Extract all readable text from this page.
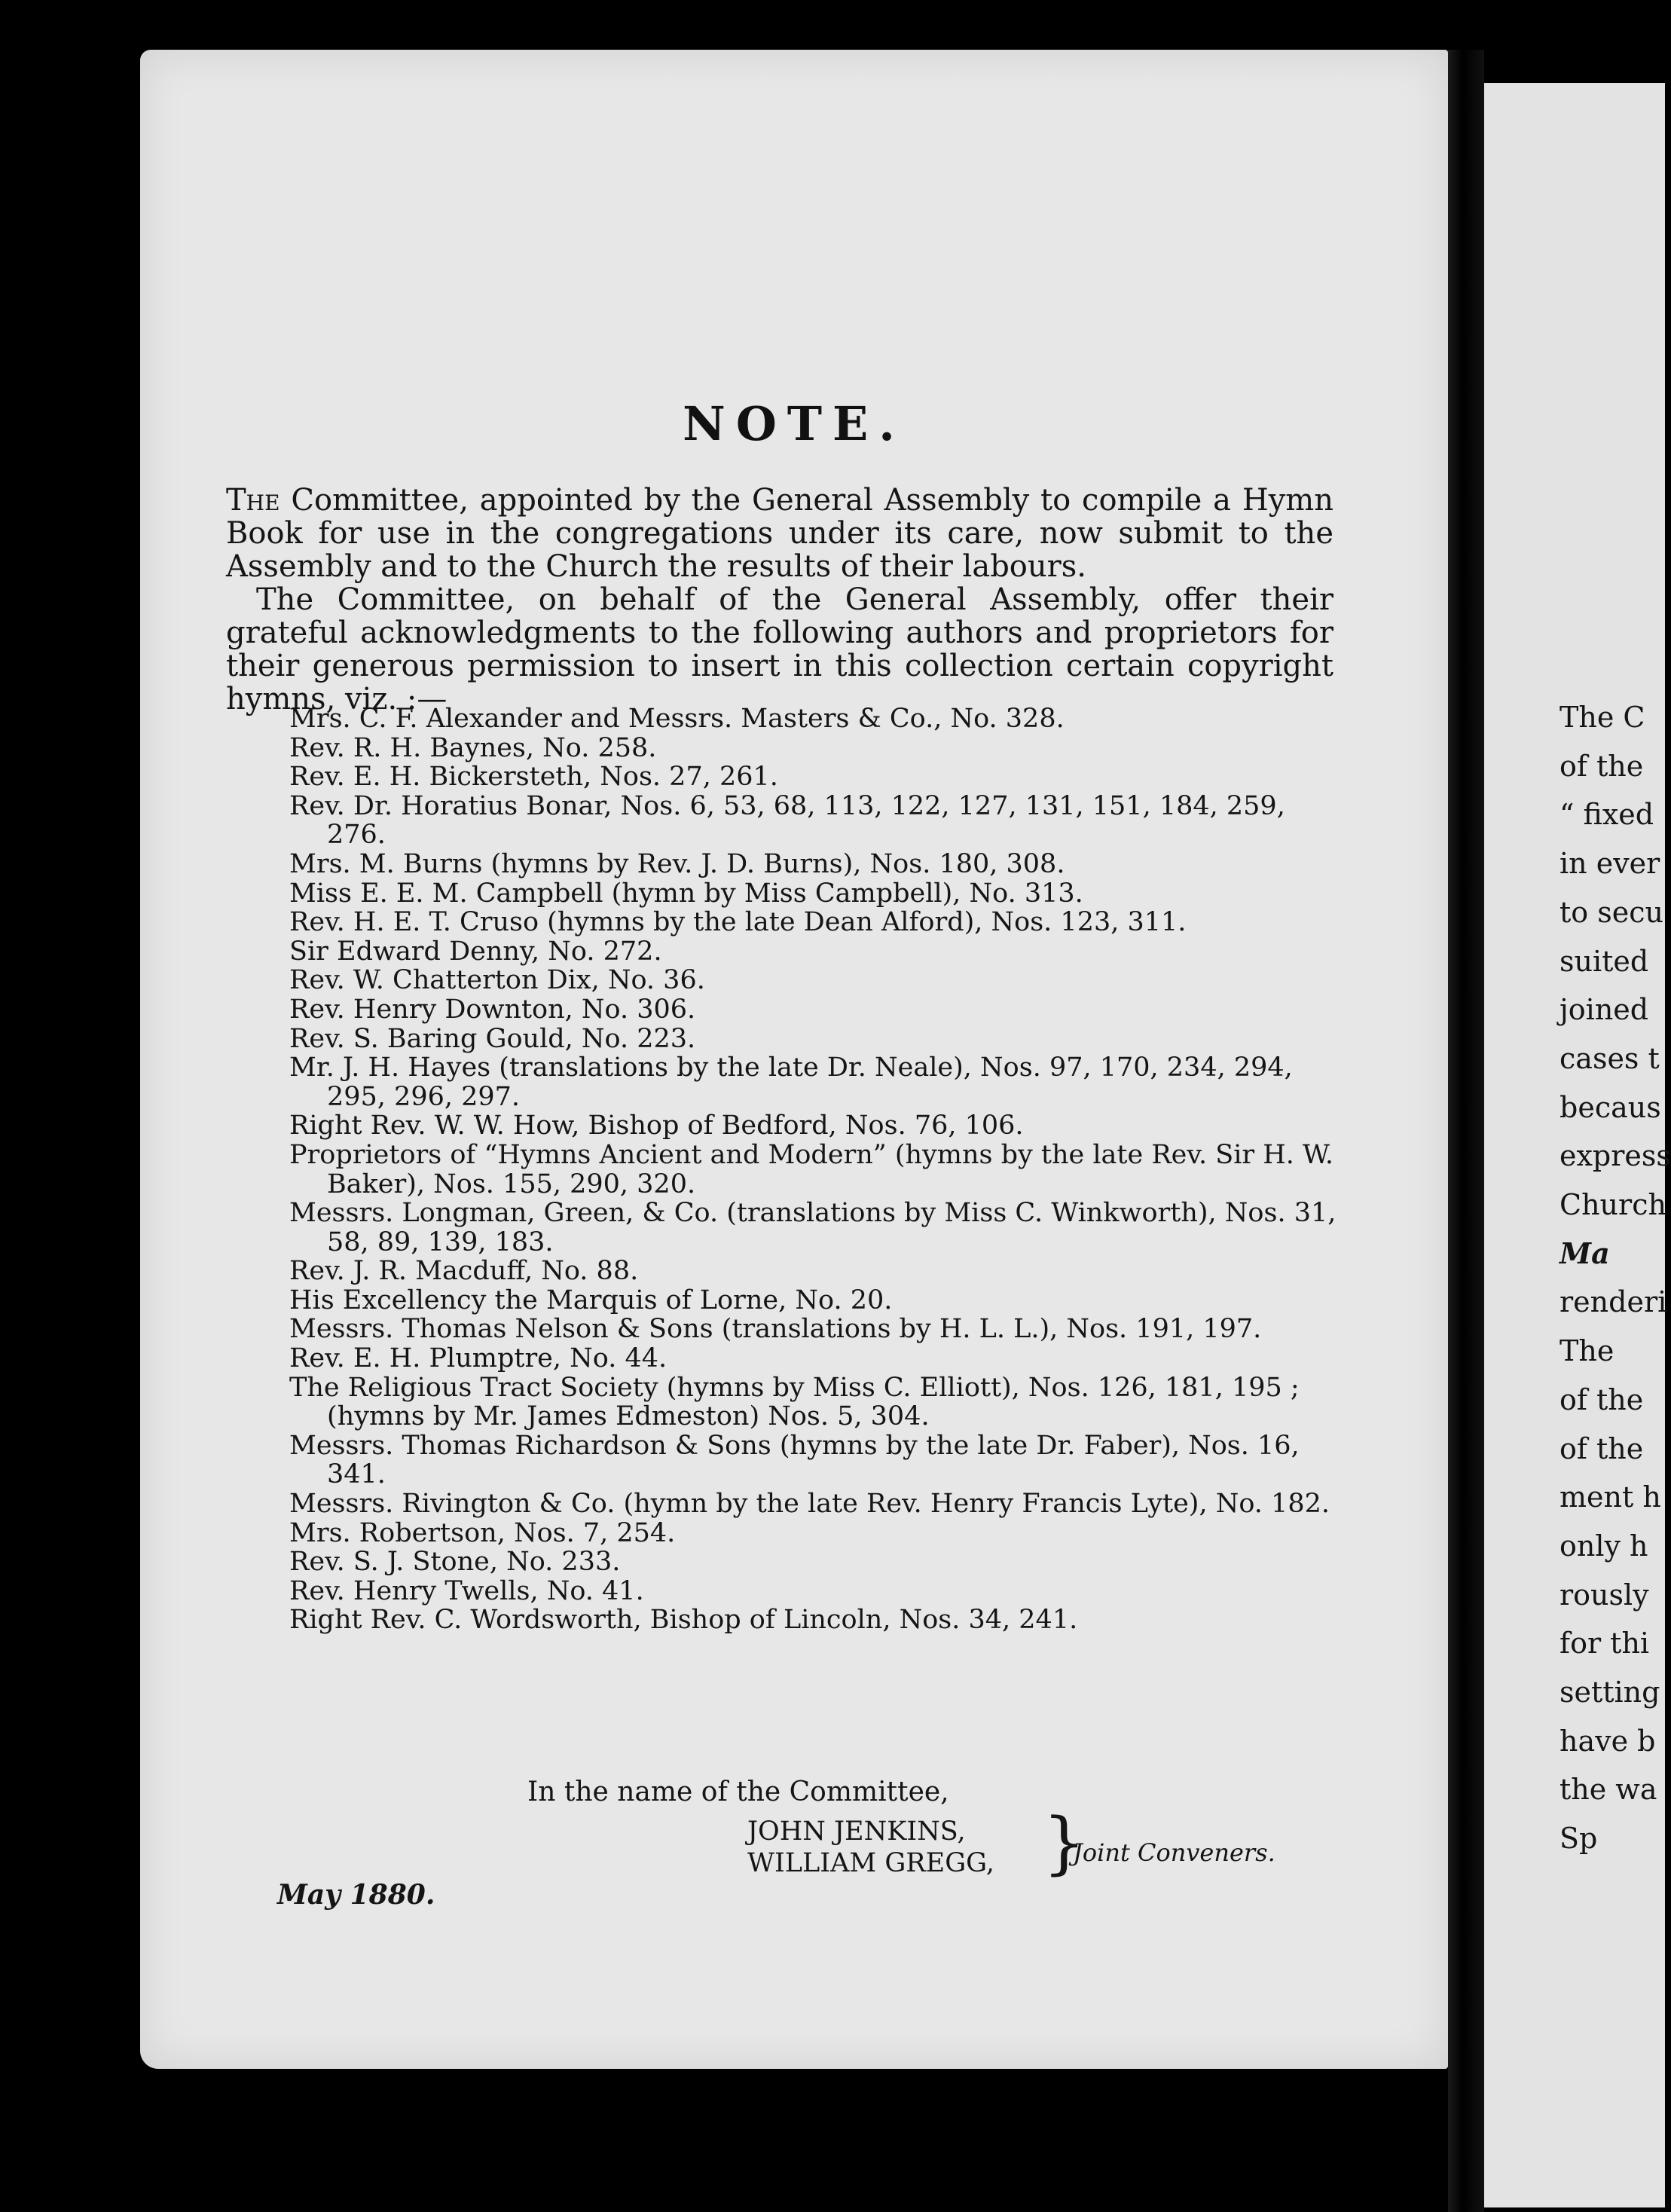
NOTE.

The Committee, appointed by the General Assembly to compile a Hymn Book for use in the congregations under its care, now submit to the Assembly and to the Church the results of their labours.

The Committee, on behalf of the General Assembly, offer their grateful acknowledgments to the following authors and proprietors for their generous permission to insert in this collection certain copyright hymns, viz. :—

Mrs. C. F. Alexander and Messrs. Masters & Co., No. 328.
Rev. R. H. Baynes, No. 258.
Rev. E. H. Bickersteth, Nos. 27, 261.
Rev. Dr. Horatius Bonar, Nos. 6, 53, 68, 113, 122, 127, 131, 151, 184, 259, 276.
Mrs. M. Burns (hymns by Rev. J. D. Burns), Nos. 180, 308.
Miss E. E. M. Campbell (hymn by Miss Campbell), No. 313.
Rev. H. E. T. Cruso (hymns by the late Dean Alford), Nos. 123, 311.
Sir Edward Denny, No. 272.
Rev. W. Chatterton Dix, No. 36.
Rev. Henry Downton, No. 306.
Rev. S. Baring Gould, No. 223.
Mr. J. H. Hayes (translations by the late Dr. Neale), Nos. 97, 170, 234, 294, 295, 296, 297.
Right Rev. W. W. How, Bishop of Bedford, Nos. 76, 106.
Proprietors of “Hymns Ancient and Modern” (hymns by the late Rev. Sir H. W. Baker), Nos. 155, 290, 320.
Messrs. Longman, Green, & Co. (translations by Miss C. Winkworth), Nos. 31, 58, 89, 139, 183.
Rev. J. R. Macduff, No. 88.
His Excellency the Marquis of Lorne, No. 20.
Messrs. Thomas Nelson & Sons (translations by H. L. L.), Nos. 191, 197.
Rev. E. H. Plumptre, No. 44.
The Religious Tract Society (hymns by Miss C. Elliott), Nos. 126, 181, 195 ; (hymns by Mr. James Edmeston) Nos. 5, 304.
Messrs. Thomas Richardson & Sons (hymns by the late Dr. Faber), Nos. 16, 341.
Messrs. Rivington & Co. (hymn by the late Rev. Henry Francis Lyte), No. 182.
Mrs. Robertson, Nos. 7, 254.
Rev. S. J. Stone, No. 233.
Rev. Henry Twells, No. 41.
Right Rev. C. Wordsworth, Bishop of Lincoln, Nos. 34, 241.
In the name of the Committee,
JOHN JENKINS,
WILLIAM GREGG, }
Joint Conveners.
May 1880.
The C
of the
“ fixed
in ever
to secu
suited
joined
cases t
becaus
express
Church
Ma
renderi
The
of the
of the
ment h
only h
rously
for thi
setting
have b
the wa
Sp
